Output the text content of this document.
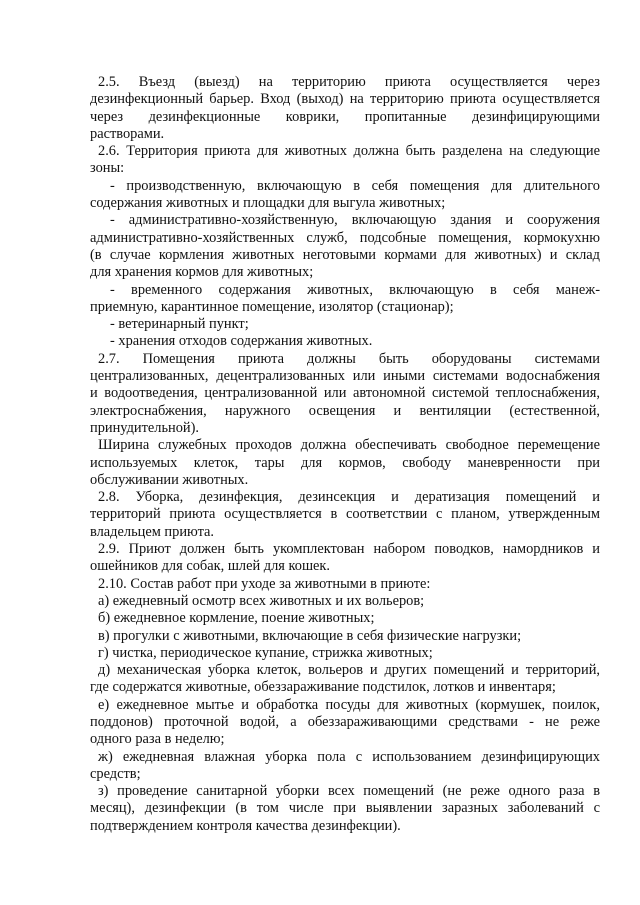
2.5. Въезд (выезд) на территорию приюта осуществляется через
дезинфекционный барьер. Вход (выход) на территорию приюта осуществляется
через дезинфекционные коврики, пропитанные дезинфицирующими
растворами.
2.6. Территория приюта для животных должна быть разделена на следующие
зоны:
- производственную, включающую в себя помещения для длительного
содержания животных и площадки для выгула животных;
- административно-хозяйственную, включающую здания и сооружения
административно-хозяйственных служб, подсобные помещения, кормокухню
(в случае кормления животных неготовыми кормами для животных) и склад
для хранения кормов для животных;
- временного содержания животных, включающую в себя манеж-
приемную, карантинное помещение, изолятор (стационар);
- ветеринарный пункт;
- хранения отходов содержания животных.
2.7. Помещения приюта должны быть оборудованы системами
централизованных, децентрализованных или иными системами водоснабжения
и водоотведения, централизованной или автономной системой теплоснабжения,
электроснабжения, наружного освещения и вентиляции (естественной,
принудительной).
Ширина служебных проходов должна обеспечивать свободное перемещение
используемых клеток, тары для кормов, свободу маневренности при
обслуживании животных.
2.8. Уборка, дезинфекция, дезинсекция и дератизация помещений и
территорий приюта осуществляется в соответствии с планом, утвержденным
владельцем приюта.
2.9. Приют должен быть укомплектован набором поводков, намордников и
ошейников для собак, шлей для кошек.
2.10. Состав работ при уходе за животными в приюте:
а) ежедневный осмотр всех животных и их вольеров;
б) ежедневное кормление, поение животных;
в) прогулки с животными, включающие в себя физические нагрузки;
г) чистка, периодическое купание, стрижка животных;
д) механическая уборка клеток, вольеров и других помещений и территорий,
где содержатся животные, обеззараживание подстилок, лотков и инвентаря;
е) ежедневное мытье и обработка посуды для животных (кормушек, поилок,
поддонов) проточной водой, а обеззараживающими средствами - не реже
одного раза в неделю;
ж) ежедневная влажная уборка пола с использованием дезинфицирующих
средств;
з) проведение санитарной уборки всех помещений (не реже одного раза в
месяц), дезинфекции (в том числе при выявлении заразных заболеваний с
подтверждением контроля качества дезинфекции).
